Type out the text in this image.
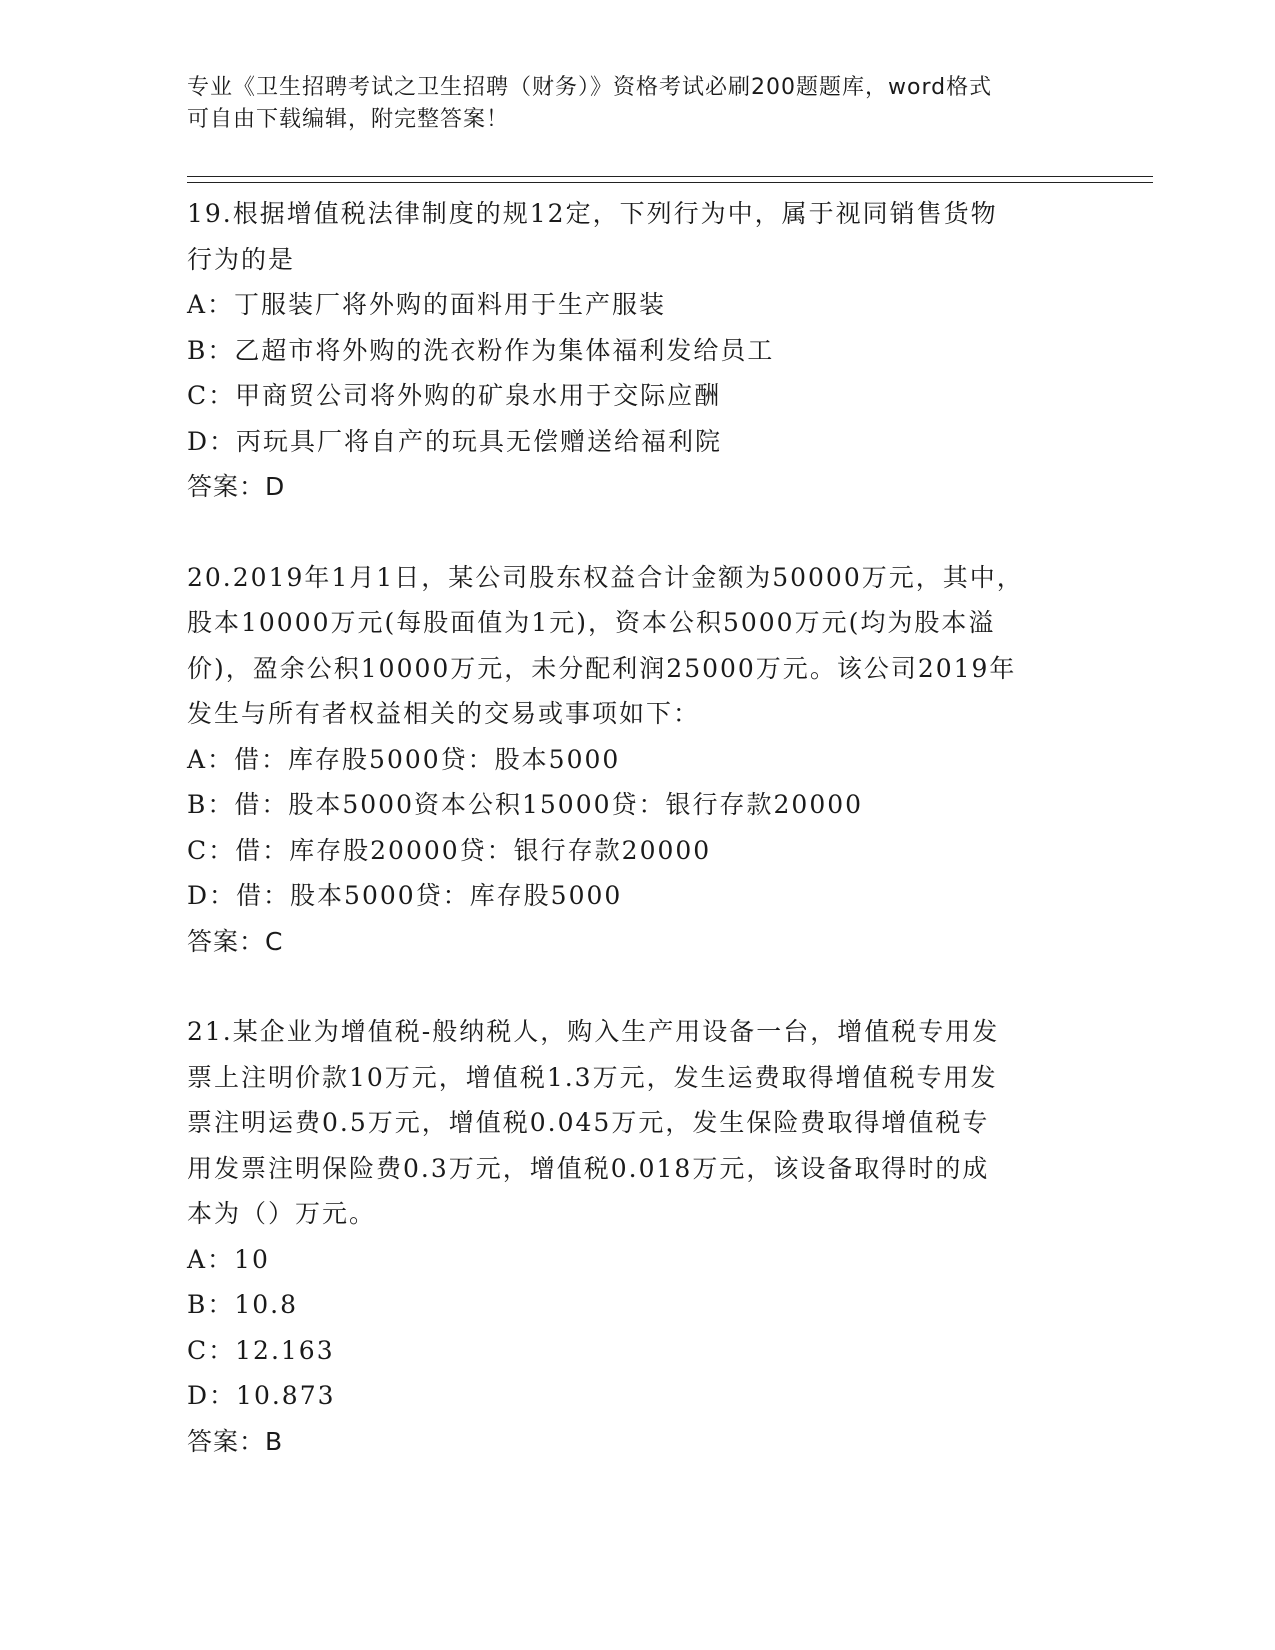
专业《卫生招聘考试之卫生招聘（财务）》资格考试必刷200题题库，word格式

可自由下载编辑，附完整答案！

19.根据增值税法律制度的规12定，下列行为中，属于视同销售货物

行为的是

A：丁服装厂将外购的面料用于生产服装

B：乙超市将外购的洗衣粉作为集体福利发给员工

C：甲商贸公司将外购的矿泉水用于交际应酬

D：丙玩具厂将自产的玩具无偿赠送给福利院

答案：D

20.2019年1月1日，某公司股东权益合计金额为50000万元，其中，

股本10000万元(每股面值为1元)，资本公积5000万元(均为股本溢

价)，盈余公积10000万元，未分配利润25000万元。该公司2019年

发生与所有者权益相关的交易或事项如下：

A：借：库存股5000贷：股本5000

B：借：股本5000资本公积15000贷：银行存款20000

C：借：库存股20000贷：银行存款20000

D：借：股本5000贷：库存股5000

答案：C

21.某企业为增值税-般纳税人，购入生产用设备一台，增值税专用发

票上注明价款10万元，增值税1.3万元，发生运费取得增值税专用发

票注明运费0.5万元，增值税0.045万元，发生保险费取得增值税专

用发票注明保险费0.3万元，增值税0.018万元，该设备取得时的成

本为（）万元。

A：10

B：10.8

C：12.163

D：10.873

答案：B
